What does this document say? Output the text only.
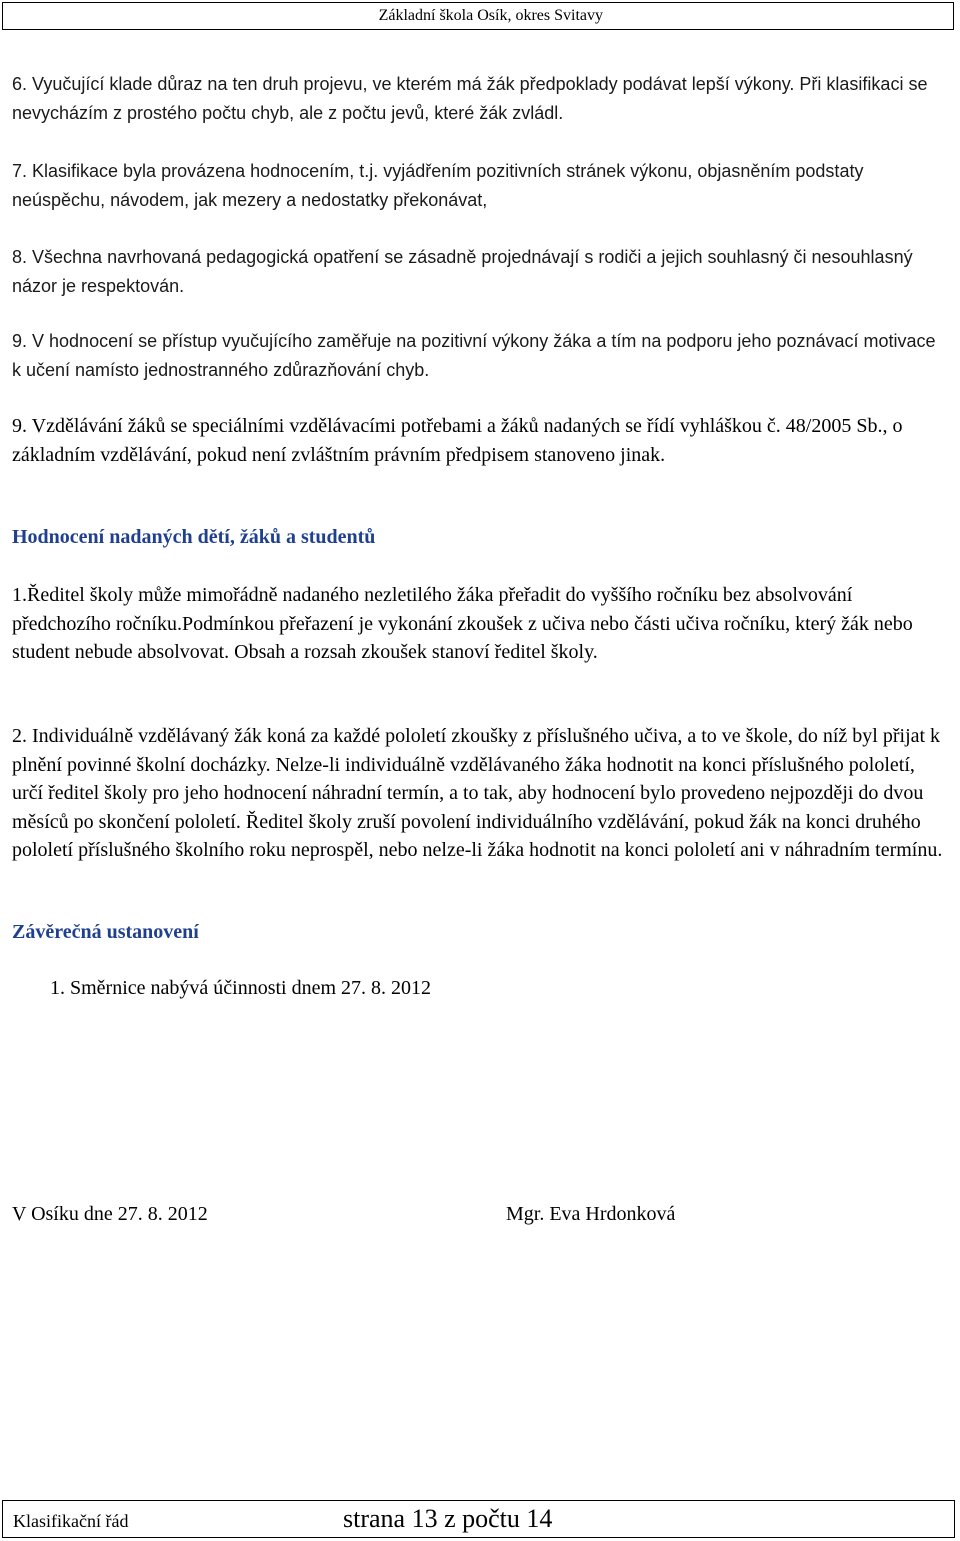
Základní škola Osík, okres Svitavy

6. Vyučující klade důraz na ten druh projevu, ve kterém má žák předpoklady podávat lepší výkony. Při klasifikaci se nevycházím z prostého počtu chyb, ale z počtu jevů, které žák zvládl.

7. Klasifikace byla provázena hodnocením, t.j. vyjádřením pozitivních stránek výkonu, objasněním podstaty neúspěchu, návodem, jak mezery a nedostatky překonávat,

8. Všechna navrhovaná pedagogická opatření se zásadně projednávají s rodiči a jejich souhlasný či nesouhlasný názor je respektován.

9. V hodnocení se přístup vyučujícího zaměřuje na pozitivní výkony žáka a tím na podporu jeho poznávací motivace k učení namísto jednostranného zdůrazňování chyb.

9. Vzdělávání žáků se speciálními vzdělávacími potřebami a žáků nadaných se řídí vyhláškou č. 48/2005 Sb., o základním vzdělávání, pokud není zvláštním právním předpisem stanoveno jinak.

Hodnocení nadaných dětí, žáků a studentů

1.Ředitel školy může mimořádně nadaného nezletilého žáka přeřadit do vyššího ročníku bez absolvování předchozího ročníku.Podmínkou přeřazení je vykonání zkoušek z učiva nebo části učiva ročníku, který žák nebo student nebude absolvovat. Obsah a rozsah zkoušek stanoví ředitel školy.

2. Individuálně vzdělávaný žák koná za každé pololetí zkoušky z příslušného učiva, a to ve škole, do níž byl přijat k plnění povinné školní docházky. Nelze-li individuálně vzdělávaného žáka hodnotit na konci příslušného pololetí, určí ředitel školy pro jeho hodnocení náhradní termín, a to tak, aby hodnocení bylo provedeno nejpozději do dvou měsíců po skončení pololetí. Ředitel školy zruší povolení individuálního vzdělávání, pokud žák na konci druhého pololetí příslušného školního roku neprospěl, nebo nelze-li žáka hodnotit na konci pololetí ani v náhradním termínu.

Závěrečná ustanovení
1. Směrnice nabývá účinnosti dnem 27. 8. 2012
V Osíku dne 27. 8. 2012	Mgr. Eva Hrdonková
Klasifikační řád	strana 13 z počtu 14
